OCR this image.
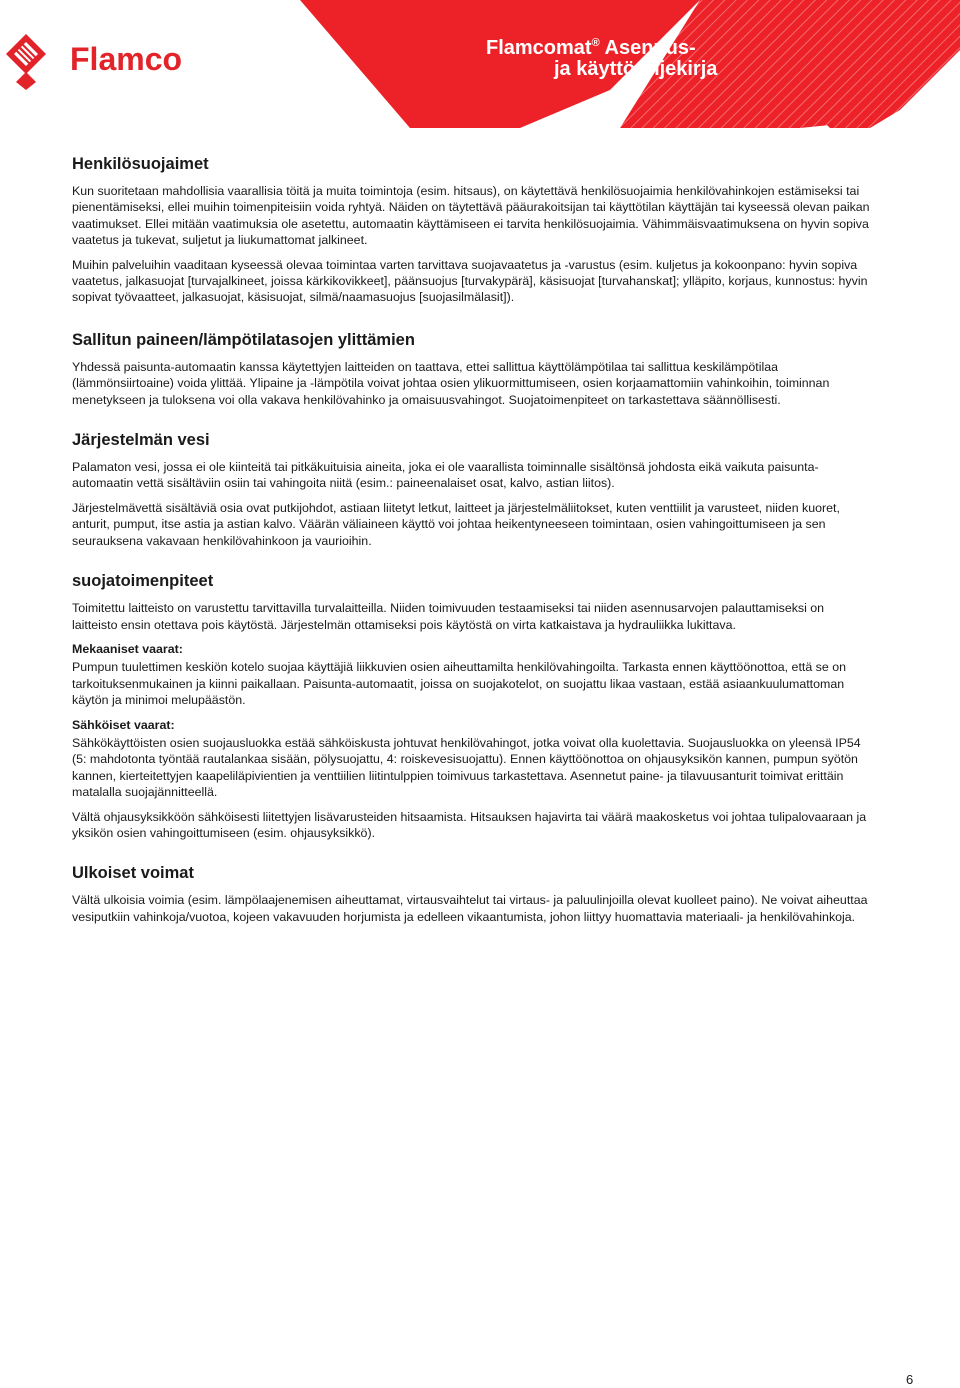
Flamco	Flamcomat® Asennus-
ja käyttöohjekirja
Henkilösuojaimet

Kun suoritetaan mahdollisia vaarallisia töitä ja muita toimintoja (esim. hitsaus), on käytettävä henkilösuojaimia henkilövahinkojen estämiseksi tai pienentämiseksi, ellei muihin toimenpiteisiin voida ryhtyä. Näiden on täytettävä pääurakoitsijan tai käyttötilan käyttäjän tai kyseessä olevan paikan vaatimukset. Ellei mitään vaatimuksia ole asetettu, automaatin käyttämiseen ei tarvita henkilösuojaimia. Vähimmäisvaatimuksena on hyvin sopiva vaatetus ja tukevat, suljetut ja liukumattomat jalkineet.

Muihin palveluihin vaaditaan kyseessä olevaa toimintaa varten tarvittava suojavaatetus ja -varustus (esim. kuljetus ja kokoonpano: hyvin sopiva vaatetus, jalkasuojat [turvajalkineet, joissa kärkikovikkeet], päänsuojus [turvakypärä], käsisuojat [turvahanskat]; ylläpito, korjaus, kunnostus: hyvin sopivat työvaatteet, jalkasuojat, käsisuojat, silmä/naamasuojus [suojasilmälasit]).

Sallitun paineen/lämpötilatasojen ylittämien

Yhdessä paisunta-automaatin kanssa käytettyjen laitteiden on taattava, ettei sallittua käyttölämpötilaa tai sallittua keskilämpötilaa (lämmönsiirtoaine) voida ylittää. Ylipaine ja -lämpötila voivat johtaa osien ylikuormittumiseen, osien korjaamattomiin vahinkoihin, toiminnan menetykseen ja tuloksena voi olla vakava henkilövahinko ja omaisuusvahingot. Suojatoimenpiteet on tarkastettava säännöllisesti.

Järjestelmän vesi

Palamaton vesi, jossa ei ole kiinteitä tai pitkäkuituisia aineita, joka ei ole vaarallista toiminnalle sisältönsä johdosta eikä vaikuta paisunta-automaatin vettä sisältäviin osiin tai vahingoita niitä (esim.: paineenalaiset osat, kalvo, astian liitos).

Järjestelmävettä sisältäviä osia ovat putkijohdot, astiaan liitetyt letkut, laitteet ja järjestelmäliitokset, kuten venttiilit ja varusteet, niiden kuoret, anturit, pumput, itse astia ja astian kalvo. Väärän väliaineen käyttö voi johtaa heikentyneeseen toimintaan, osien vahingoittumiseen ja sen seurauksena vakavaan henkilövahinkoon ja vaurioihin.

suojatoimenpiteet

Toimitettu laitteisto on varustettu tarvittavilla turvalaitteilla. Niiden toimivuuden testaamiseksi tai niiden asennusarvojen palauttamiseksi on laitteisto ensin otettava pois käytöstä. Järjestelmän ottamiseksi pois käytöstä on virta katkaistava ja hydrauliikka lukittava.

Mekaaniset vaarat:

Pumpun tuulettimen keskiön kotelo suojaa käyttäjiä liikkuvien osien aiheuttamilta henkilövahingoilta. Tarkasta ennen käyttöönottoa, että se on tarkoituksenmukainen ja kiinni paikallaan. Paisunta-automaatit, joissa on suojakotelot, on suojattu likaa vastaan, estää asiaankuulumattoman käytön ja minimoi melupäästön.

Sähköiset vaarat:

Sähkökäyttöisten osien suojausluokka estää sähköiskusta johtuvat henkilövahingot, jotka voivat olla kuolettavia. Suojausluokka on yleensä IP54 (5: mahdotonta työntää rautalankaa sisään, pölysuojattu, 4: roiskevesisuojattu). Ennen käyttöönottoa on ohjausyksikön kannen, pumpun syötön kannen, kierteitettyjen kaapeliläpivientien ja venttiilien liitintulppien toimivuus tarkastettava. Asennetut paine- ja tilavuusanturit toimivat erittäin matalalla suojajännitteellä.

Vältä ohjausyksikköön sähköisesti liitettyjen lisävarusteiden hitsaamista. Hitsauksen hajavirta tai väärä maakosketus voi johtaa tulipalovaaraan ja yksikön osien vahingoittumiseen (esim. ohjausyksikkö).

Ulkoiset voimat

Vältä ulkoisia voimia (esim. lämpölaajenemisen aiheuttamat, virtausvaihtelut tai virtaus- ja paluulinjoilla olevat kuolleet paino). Ne voivat aiheuttaa vesiputkiin vahinkoja/vuotoa, kojeen vakavuuden horjumista ja edelleen vikaantumista, johon liittyy huomattavia materiaali- ja henkilövahinkoja.

6
